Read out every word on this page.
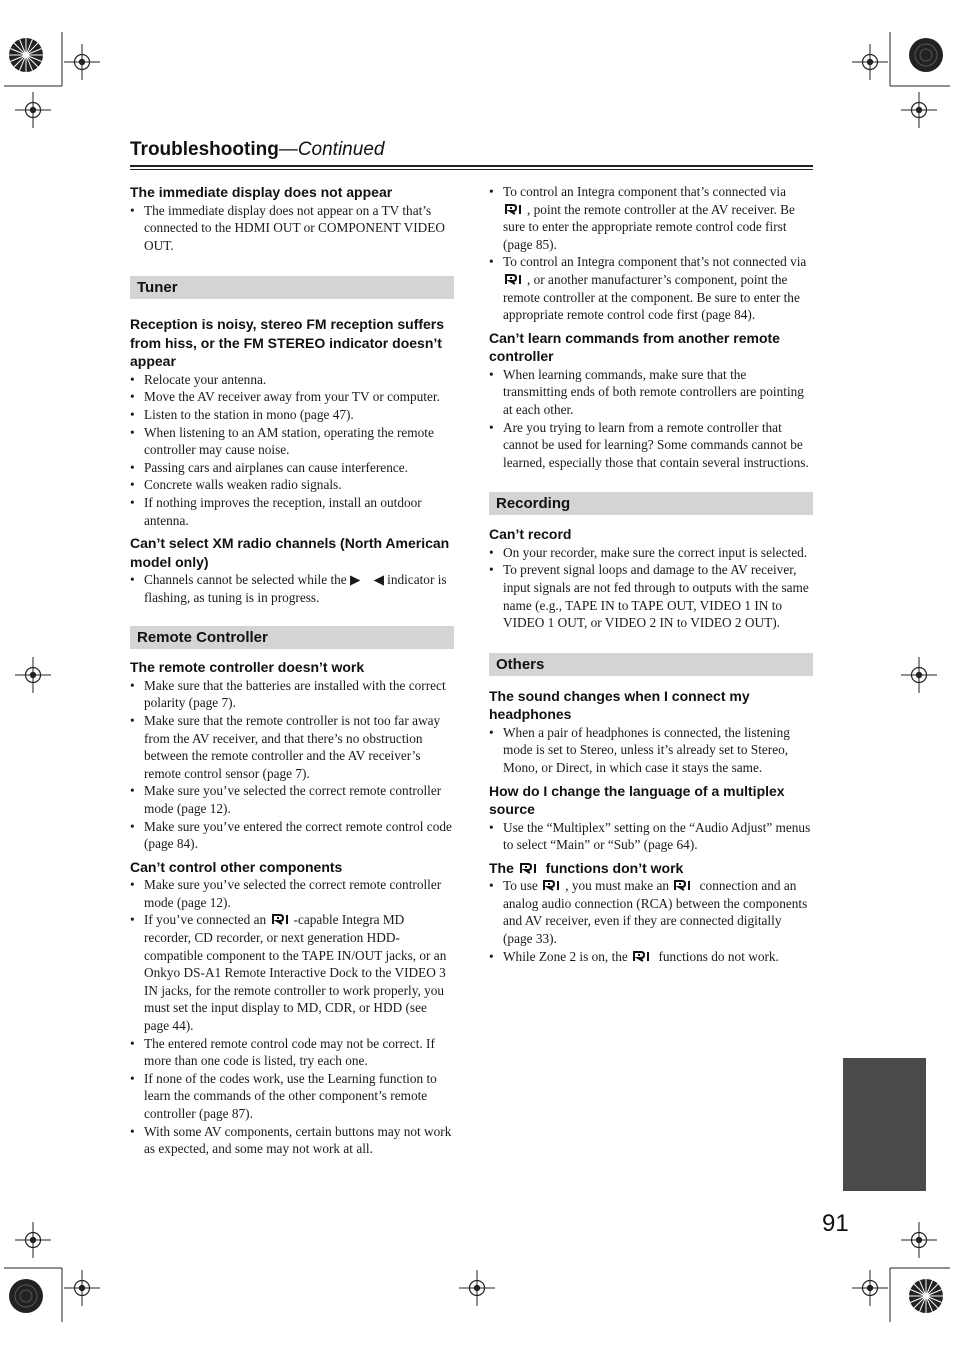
Troubleshooting—Continued

The immediate display does not appear

• The immediate display does not appear on a TV that’s connected to the HDMI OUT or COMPONENT VIDEO OUT.
Tuner

Reception is noisy, stereo FM reception suffers from hiss, or the FM STEREO indicator doesn’t appear

• Relocate your antenna.
• Move the AV receiver away from your TV or computer.
• Listen to the station in mono (page 47).
• When listening to an AM station, operating the remote controller may cause noise.
• Passing cars and airplanes can cause interference.
• Concrete walls weaken radio signals.
• If nothing improves the reception, install an outdoor antenna.

Can’t select XM radio channels (North American model only)

• Channels cannot be selected while the ▶ ◀ indicator is flashing, as tuning is in progress.
Remote Controller

The remote controller doesn’t work

• Make sure that the batteries are installed with the correct polarity (page 7).
• Make sure that the remote controller is not too far away from the AV receiver, and that there’s no obstruction between the remote controller and the AV receiver’s remote control sensor (page 7).
• Make sure you’ve selected the correct remote controller mode (page 12).
• Make sure you’ve entered the correct remote control code (page 84).

Can’t control other components

• Make sure you’ve selected the correct remote controller mode (page 12).
• If you’ve connected an -capable Integra MD recorder, CD recorder, or next generation HDD-compatible component to the TAPE IN/OUT jacks, or an Onkyo DS-A1 Remote Interactive Dock to the VIDEO 3 IN jacks, for the remote controller to work properly, you must set the input display to MD, CDR, or HDD (see page 44).
• The entered remote control code may not be correct. If more than one code is listed, try each one.
• If none of the codes work, use the Learning function to learn the commands of the other component’s remote controller (page 87).
• With some AV components, certain buttons may not work as expected, and some may not work at all.
• To control an Integra component that’s connected via , point the remote controller at the AV receiver. Be sure to enter the appropriate remote control code first (page 85).
• To control an Integra component that’s not connected via , or another manufacturer’s component, point the remote controller at the component. Be sure to enter the appropriate remote control code first (page 84).

Can’t learn commands from another remote controller

• When learning commands, make sure that the transmitting ends of both remote controllers are pointing at each other.
• Are you trying to learn from a remote controller that cannot be used for learning? Some commands cannot be learned, especially those that contain several instructions.
Recording

Can’t record

• On your recorder, make sure the correct input is selected.
• To prevent signal loops and damage to the AV receiver, input signals are not fed through to outputs with the same name (e.g., TAPE IN to TAPE OUT, VIDEO 1 IN to VIDEO 1 OUT, or VIDEO 2 IN to VIDEO 2 OUT).
Others

The sound changes when I connect my headphones

• When a pair of headphones is connected, the listening mode is set to Stereo, unless it’s already set to Stereo, Mono, or Direct, in which case it stays the same.

How do I change the language of a multiplex source

• Use the “Multiplex” setting on the “Audio Adjust” menus to select “Main” or “Sub” (page 64).

The  functions don’t work

• To use , you must make an  connection and an analog audio connection (RCA) between the components and AV receiver, even if they are connected digitally (page 33).
• While Zone 2 is on, the  functions do not work.
91
